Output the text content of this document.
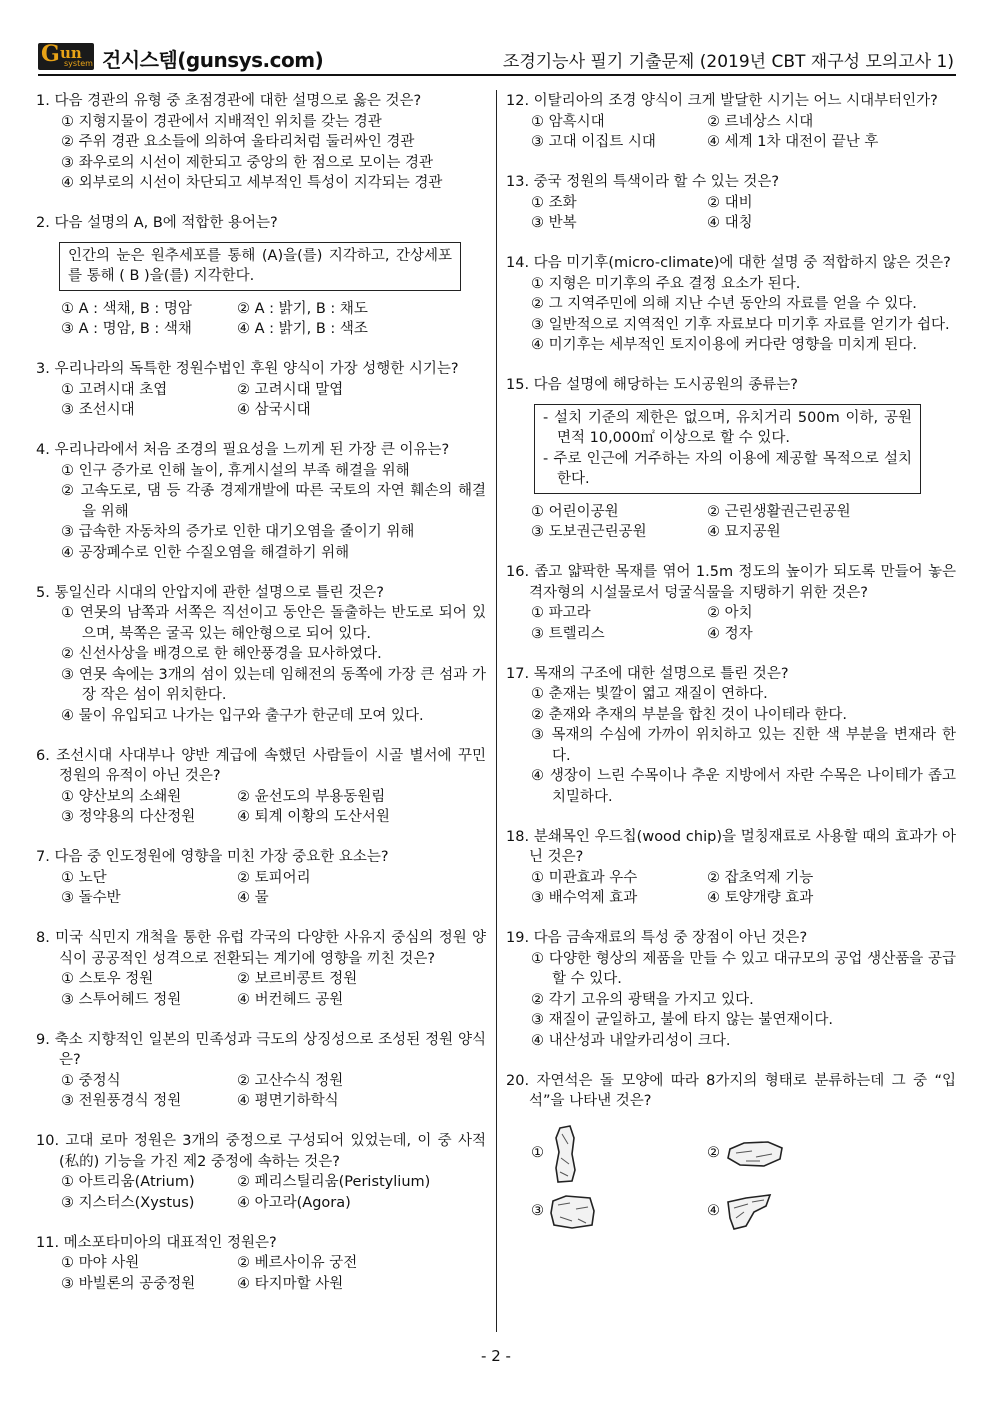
G un
system 건시스템(gunsys.com)	조경기능사 필기 기출문제 (2019년 CBT 재구성 모의고사 1)
1. 다음 경관의 유형 중 초점경관에 대한 설명으로 옳은 것은?
① 지형지물이 경관에서 지배적인 위치를 갖는 경관
② 주위 경관 요소들에 의하여 울타리처럼 둘러싸인 경관
③ 좌우로의 시선이 제한되고 중앙의 한 점으로 모이는 경관
④ 외부로의 시선이 차단되고 세부적인 특성이 지각되는 경관
2. 다음 설명의 A, B에 적합한 용어는?
인간의 눈은 원추세포를 통해 (A)을(를) 지각하고, 간상세포를 통해 ( B )을(를) 지각한다.
① A : 색채, B : 명암	② A : 밝기, B : 채도
③ A : 명암, B : 색채	④ A : 밝기, B : 색조
3. 우리나라의 독특한 정원수법인 후원 양식이 가장 성행한 시기는?
① 고려시대 초엽	② 고려시대 말엽
③ 조선시대	④ 삼국시대
4. 우리나라에서 처음 조경의 필요성을 느끼게 된 가장 큰 이유는?
① 인구 증가로 인해 놀이, 휴게시설의 부족 해결을 위해
② 고속도로, 댐 등 각종 경제개발에 따른 국토의 자연 훼손의 해결을 위해
③ 급속한 자동차의 증가로 인한 대기오염을 줄이기 위해
④ 공장폐수로 인한 수질오염을 해결하기 위해
5. 통일신라 시대의 안압지에 관한 설명으로 틀린 것은?
① 연못의 남쪽과 서쪽은 직선이고 동안은 돌출하는 반도로 되어 있으며, 북쪽은 굴곡 있는 해안형으로 되어 있다.
② 신선사상을 배경으로 한 해안풍경을 묘사하였다.
③ 연못 속에는 3개의 섬이 있는데 임해전의 동쪽에 가장 큰 섬과 가장 작은 섬이 위치한다.
④ 물이 유입되고 나가는 입구와 출구가 한군데 모여 있다.
6. 조선시대 사대부나 양반 계급에 속했던 사람들이 시골 별서에 꾸민 정원의 유적이 아닌 것은?
① 양산보의 소쇄원	② 윤선도의 부용동원림
③ 정약용의 다산정원	④ 퇴계 이황의 도산서원
7. 다음 중 인도정원에 영향을 미친 가장 중요한 요소는?
① 노단	② 토피어리
③ 돌수반	④ 물
8. 미국 식민지 개척을 통한 유럽 각국의 다양한 사유지 중심의 정원 양식이 공공적인 성격으로 전환되는 계기에 영향을 끼친 것은?
① 스토우 정원	② 보르비콩트 정원
③ 스투어헤드 정원	④ 버컨헤드 공원
9. 축소 지향적인 일본의 민족성과 극도의 상징성으로 조성된 정원 양식은?
① 중정식	② 고산수식 정원
③ 전원풍경식 정원	④ 평면기하학식
10. 고대 로마 정원은 3개의 중정으로 구성되어 있었는데, 이 중 사적(私的) 기능을 가진 제2 중정에 속하는 것은?
① 아트리움(Atrium)	② 페리스틸리움(Peristylium)
③ 지스터스(Xystus)	④ 아고라(Agora)
11. 메소포타미아의 대표적인 정원은?
① 마야 사원	② 베르사이유 궁전
③ 바빌론의 공중정원	④ 타지마할 사원
12. 이탈리아의 조경 양식이 크게 발달한 시기는 어느 시대부터인가?
① 암흑시대	② 르네상스 시대
③ 고대 이집트 시대	④ 세계 1차 대전이 끝난 후
13. 중국 정원의 특색이라 할 수 있는 것은?
① 조화	② 대비
③ 반복	④ 대칭
14. 다음 미기후(micro-climate)에 대한 설명 중 적합하지 않은 것은?
① 지형은 미기후의 주요 결정 요소가 된다.
② 그 지역주민에 의해 지난 수년 동안의 자료를 얻을 수 있다.
③ 일반적으로 지역적인 기후 자료보다 미기후 자료를 얻기가 쉽다.
④ 미기후는 세부적인 토지이용에 커다란 영향을 미치게 된다.
15. 다음 설명에 해당하는 도시공원의 종류는?
- 설치 기준의 제한은 없으며, 유치거리 500m 이하, 공원면적 10,000㎡ 이상으로 할 수 있다.
- 주로 인근에 거주하는 자의 이용에 제공할 목적으로 설치한다.
① 어린이공원	② 근린생활권근린공원
③ 도보권근린공원	④ 묘지공원
16. 좁고 얇팍한 목재를 엮어 1.5m 정도의 높이가 되도록 만들어 놓은 격자형의 시설물로서 덩굴식물을 지탱하기 위한 것은?
① 파고라	② 아치
③ 트렐리스	④ 정자
17. 목재의 구조에 대한 설명으로 틀린 것은?
① 춘재는 빛깔이 엷고 재질이 연하다.
② 춘재와 추재의 부분을 합친 것이 나이테라 한다.
③ 목재의 수심에 가까이 위치하고 있는 진한 색 부분을 변재라 한다.
④ 생장이 느린 수목이나 추운 지방에서 자란 수목은 나이테가 좁고 치밀하다.
18. 분쇄목인 우드칩(wood chip)을 멀칭재료로 사용할 때의 효과가 아닌 것은?
① 미관효과 우수	② 잡초억제 기능
③ 배수억제 효과	④ 토양개량 효과
19. 다음 금속재료의 특성 중 장점이 아닌 것은?
① 다양한 형상의 제품을 만들 수 있고 대규모의 공업 생산품을 공급할 수 있다.
② 각기 고유의 광택을 가지고 있다.
③ 재질이 균일하고, 불에 타지 않는 불연재이다.
④ 내산성과 내알카리성이 크다.
20. 자연석은 돌 모양에 따라 8가지의 형태로 분류하는데 그 중 “입석”을 나타낸 것은?
①	②
③	④
- 2 -
